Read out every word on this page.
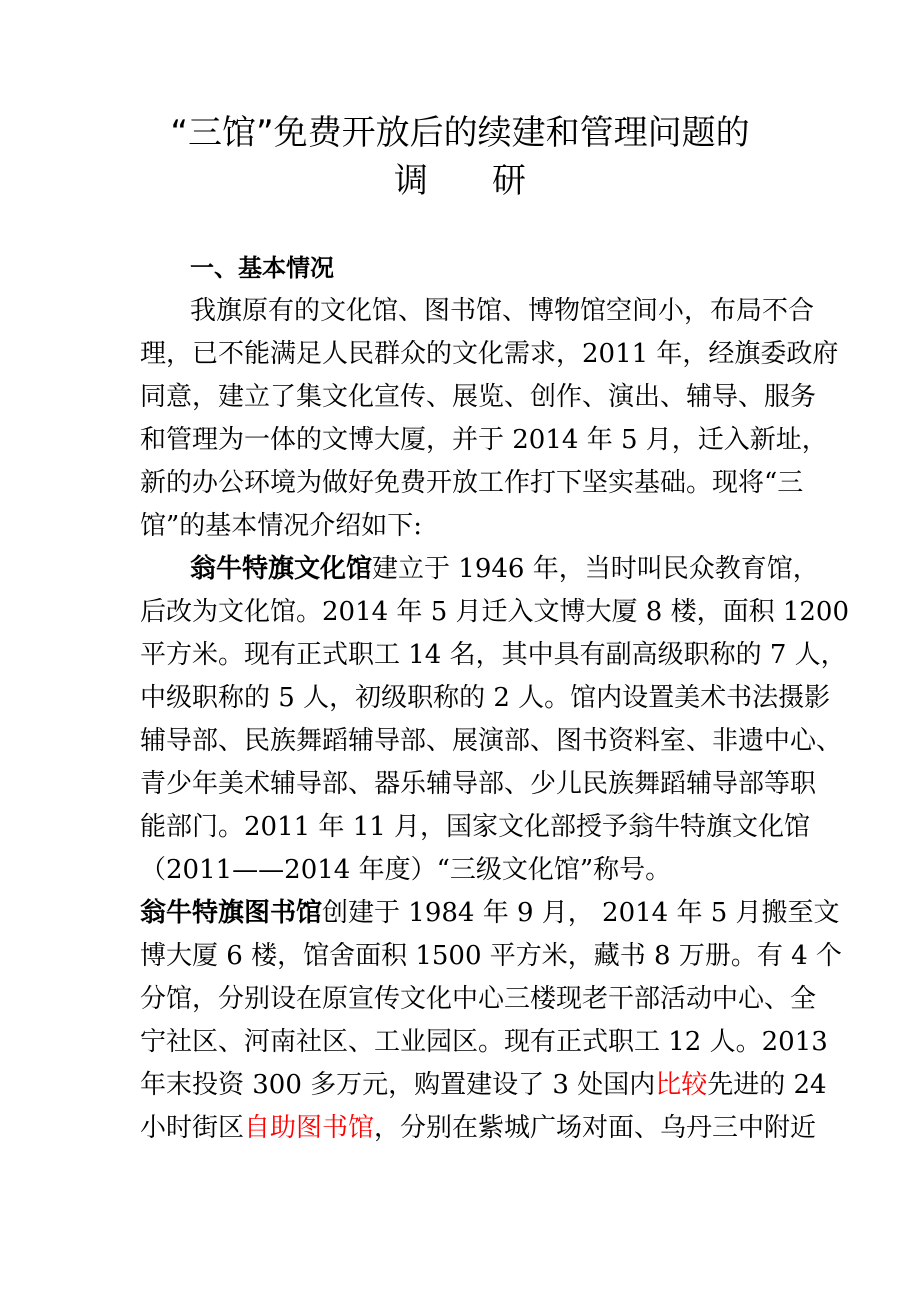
“三馆”免费开放后的续建和管理问题的
调 研
一、基本情况
我旗原有的文化馆、图书馆、博物馆空间小，布局不合
理，已不能满足人民群众的文化需求，2011 年，经旗委政府
同意，建立了集文化宣传、展览、创作、演出、辅导、服务
和管理为一体的文博大厦，并于 2014 年 5 月，迁入新址，
新的办公环境为做好免费开放工作打下坚实基础。现将“三
馆”的基本情况介绍如下:
翁牛特旗文化馆建立于 1946 年，当时叫民众教育馆，
后改为文化馆。2014 年 5 月迁入文博大厦 8 楼，面积 1200
平方米。现有正式职工 14 名，其中具有副高级职称的 7 人，
中级职称的 5 人，初级职称的 2 人。馆内设置美术书法摄影
辅导部、民族舞蹈辅导部、展演部、图书资料室、非遗中心、
青少年美术辅导部、器乐辅导部、少儿民族舞蹈辅导部等职
能部门。2011 年 11 月，国家文化部授予翁牛特旗文化馆
（2011——2014 年度）“三级文化馆”称号。
翁牛特旗图书馆创建于 1984 年 9 月， 2014 年 5 月搬至文
博大厦 6 楼，馆舍面积 1500 平方米，藏书 8 万册。有 4 个
分馆，分别设在原宣传文化中心三楼现老干部活动中心、全
宁社区、河南社区、工业园区。现有正式职工 12 人。2013
年末投资 300 多万元，购置建设了 3 处国内比较先进的 24
小时街区自助图书馆，分别在紫城广场对面、乌丹三中附近
